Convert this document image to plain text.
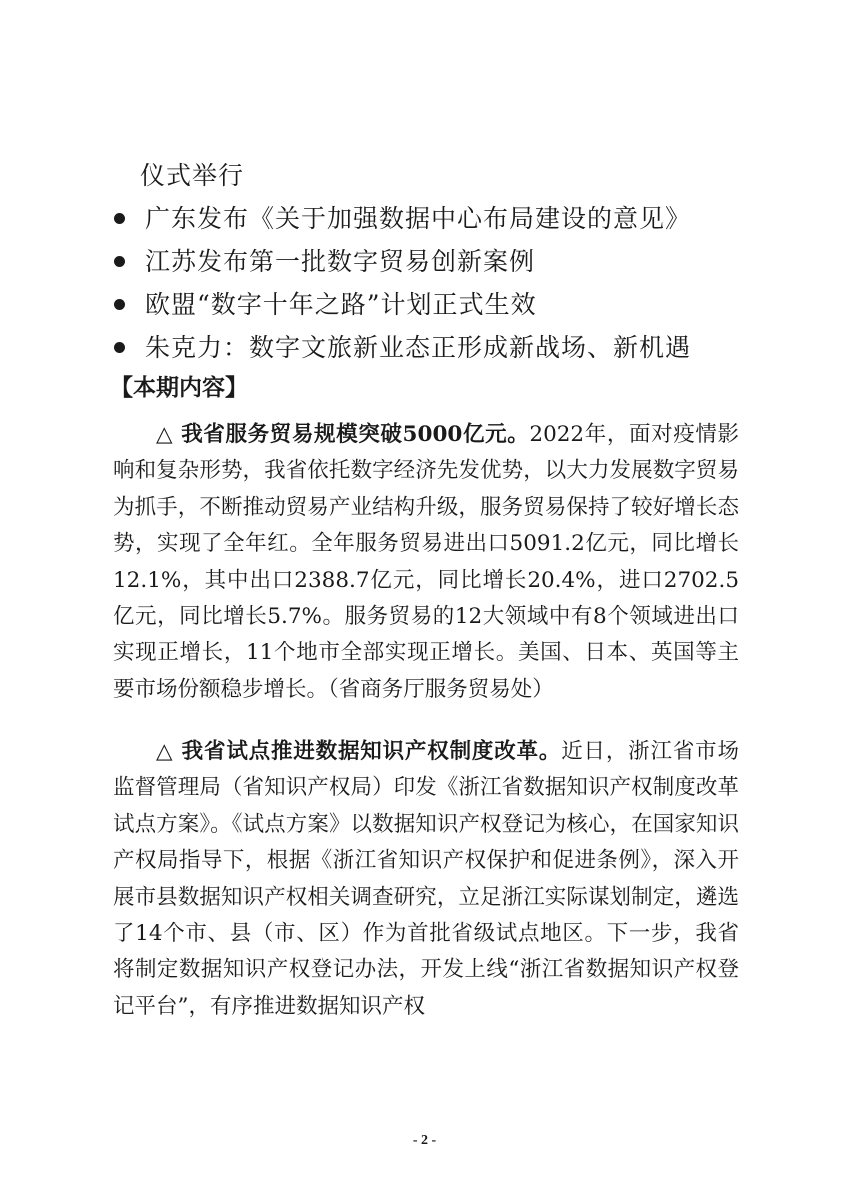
仪式举行
广东发布《关于加强数据中心布局建设的意见》
江苏发布第一批数字贸易创新案例
欧盟“数字十年之路”计划正式生效
朱克力：数字文旅新业态正形成新战场、新机遇
【本期内容】

△ 我省服务贸易规模突破5000亿元。2022年，面对疫情影响和复杂形势，我省依托数字经济先发优势，以大力发展数字贸易为抓手，不断推动贸易产业结构升级，服务贸易保持了较好增长态势，实现了全年红。全年服务贸易进出口5091.2亿元，同比增长12.1%，其中出口2388.7亿元，同比增长20.4%，进口2702.5亿元，同比增长5.7%。服务贸易的12大领域中有8个领域进出口实现正增长，11个地市全部实现正增长。美国、日本、英国等主要市场份额稳步增长。（省商务厅服务贸易处）

△ 我省试点推进数据知识产权制度改革。近日，浙江省市场监督管理局（省知识产权局）印发《浙江省数据知识产权制度改革试点方案》。《试点方案》以数据知识产权登记为核心，在国家知识产权局指导下，根据《浙江省知识产权保护和促进条例》，深入开展市县数据知识产权相关调查研究，立足浙江实际谋划制定，遴选了14个市、县（市、区）作为首批省级试点地区。下一步，我省将制定数据知识产权登记办法，开发上线“浙江省数据知识产权登记平台”，有序推进数据知识产权

- 2 -
